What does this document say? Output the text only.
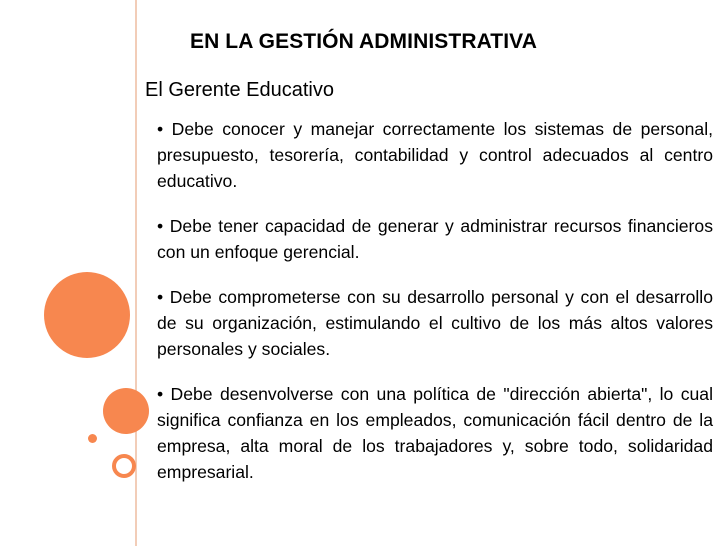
EN LA GESTIÓN ADMINISTRATIVA
El Gerente Educativo

• Debe conocer y manejar correctamente los sistemas de personal, presupuesto, tesorería, contabilidad y control adecuados al centro educativo.

• Debe tener capacidad de generar y administrar recursos financieros con un enfoque gerencial.

• Debe comprometerse con su desarrollo personal y con el desarrollo de su organización, estimulando el cultivo de los más altos valores personales y sociales.

• Debe desenvolverse con una política de "dirección abierta", lo cual significa confianza en los empleados, comunicación fácil dentro de la empresa, alta moral de los trabajadores y, sobre todo, solidaridad empresarial.
